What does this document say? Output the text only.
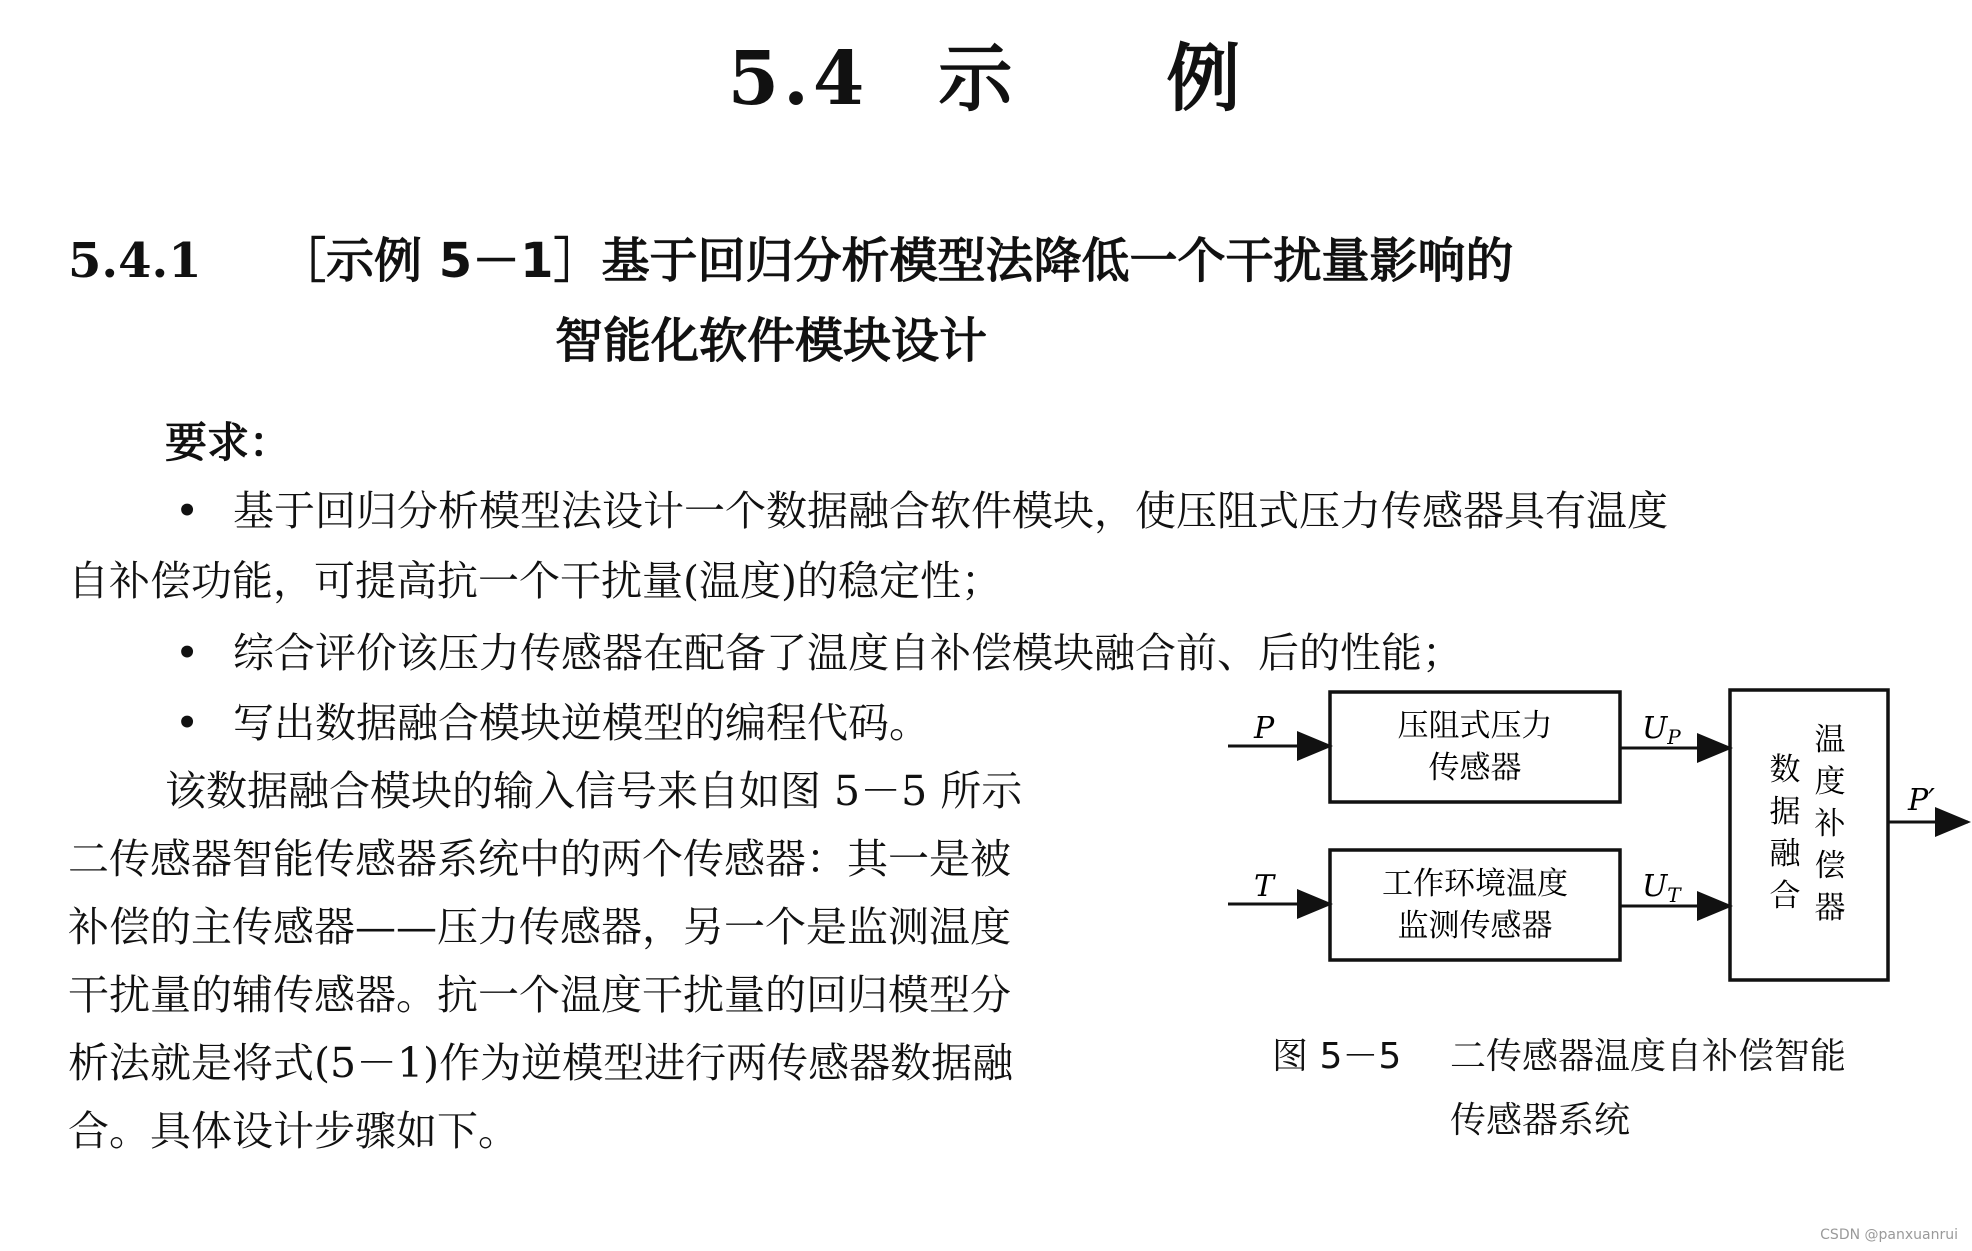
5.4 示 例
5.4.1 ［示例 5－1］基于回归分析模型法降低一个干扰量影响的
智能化软件模块设计
要求：
• 基于回归分析模型法设计一个数据融合软件模块，使压阻式压力传感器具有温度
自补偿功能，可提高抗一个干扰量(温度)的稳定性；
• 综合评价该压力传感器在配备了温度自补偿模块融合前、后的性能；
• 写出数据融合模块逆模型的编程代码。
该数据融合模块的输入信号来自如图 5－5 所示
二传感器智能传感器系统中的两个传感器：其一是被
补偿的主传感器——压力传感器，另一个是监测温度
干扰量的辅传感器。抗一个温度干扰量的回归模型分
析法就是将式(5－1)作为逆模型进行两传感器数据融
合。具体设计步骤如下。
P	压阻式压力
传感器
$U_P$
T	工作环境温度
监测传感器
$U_T$
数
据
融
合
温
度
补
偿
器
P′
图 5－5 二传感器温度自补偿智能
传感器系统
CSDN @panxuanrui
